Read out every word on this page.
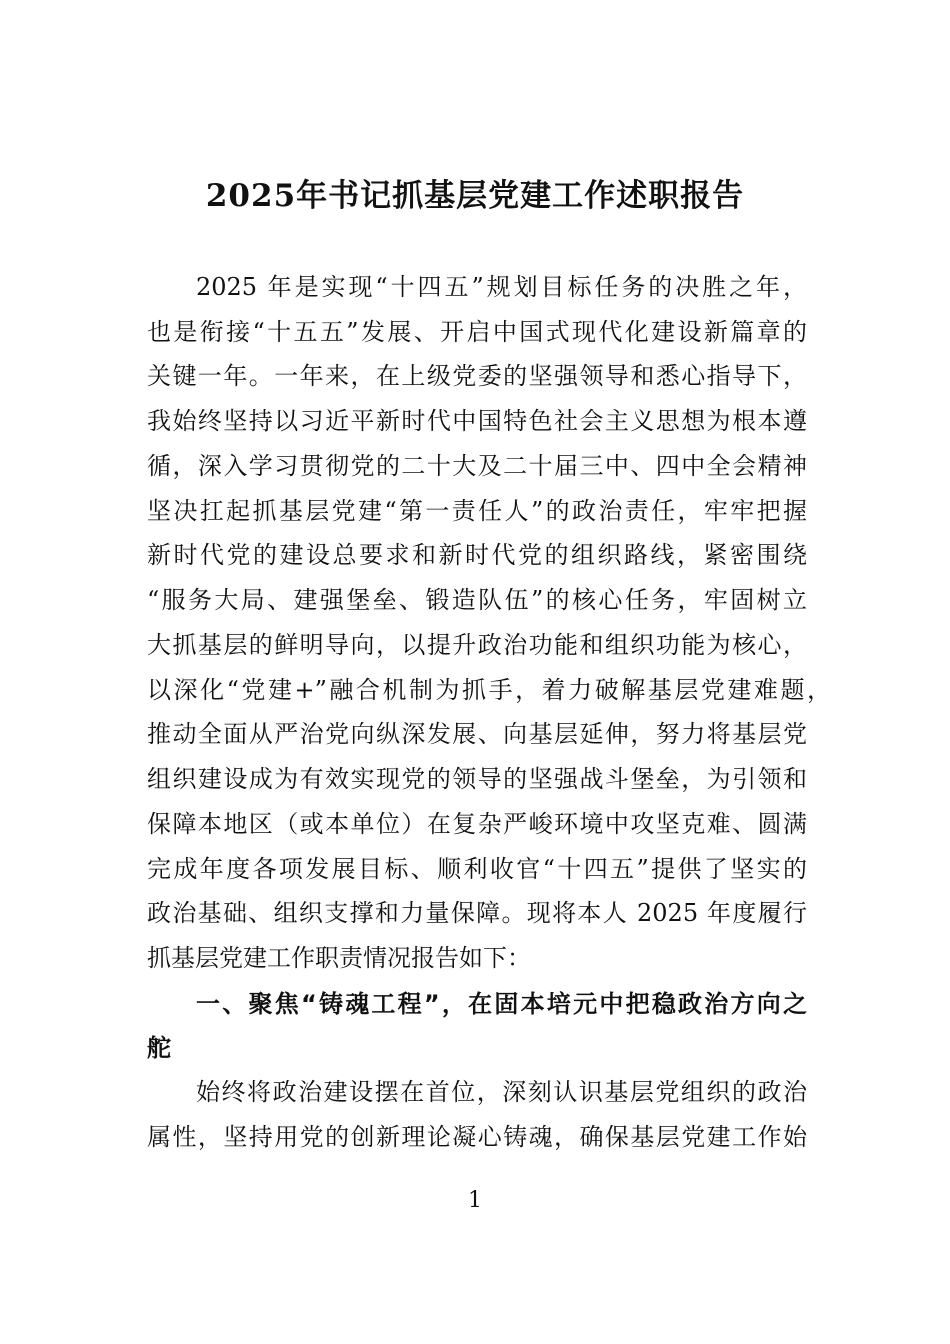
2025年书记抓基层党建工作述职报告
2025 年是实现“十四五”规划目标任务的决胜之年，
也是衔接“十五五”发展、开启中国式现代化建设新篇章的
关键一年。一年来，在上级党委的坚强领导和悉心指导下，
我始终坚持以习近平新时代中国特色社会主义思想为根本遵
循，深入学习贯彻党的二十大及二十届三中、四中全会精神
坚决扛起抓基层党建“第一责任人”的政治责任，牢牢把握
新时代党的建设总要求和新时代党的组织路线，紧密围绕
“服务大局、建强堡垒、锻造队伍”的核心任务，牢固树立
大抓基层的鲜明导向，以提升政治功能和组织功能为核心，
以深化“党建+”融合机制为抓手，着力破解基层党建难题，
推动全面从严治党向纵深发展、向基层延伸，努力将基层党
组织建设成为有效实现党的领导的坚强战斗堡垒，为引领和
保障本地区（或本单位）在复杂严峻环境中攻坚克难、圆满
完成年度各项发展目标、顺利收官“十四五”提供了坚实的
政治基础、组织支撑和力量保障。现将本人 2025 年度履行
抓基层党建工作职责情况报告如下：
一、聚焦“铸魂工程”，在固本培元中把稳政治方向之
舵
始终将政治建设摆在首位，深刻认识基层党组织的政治
属性，坚持用党的创新理论凝心铸魂，确保基层党建工作始
1
